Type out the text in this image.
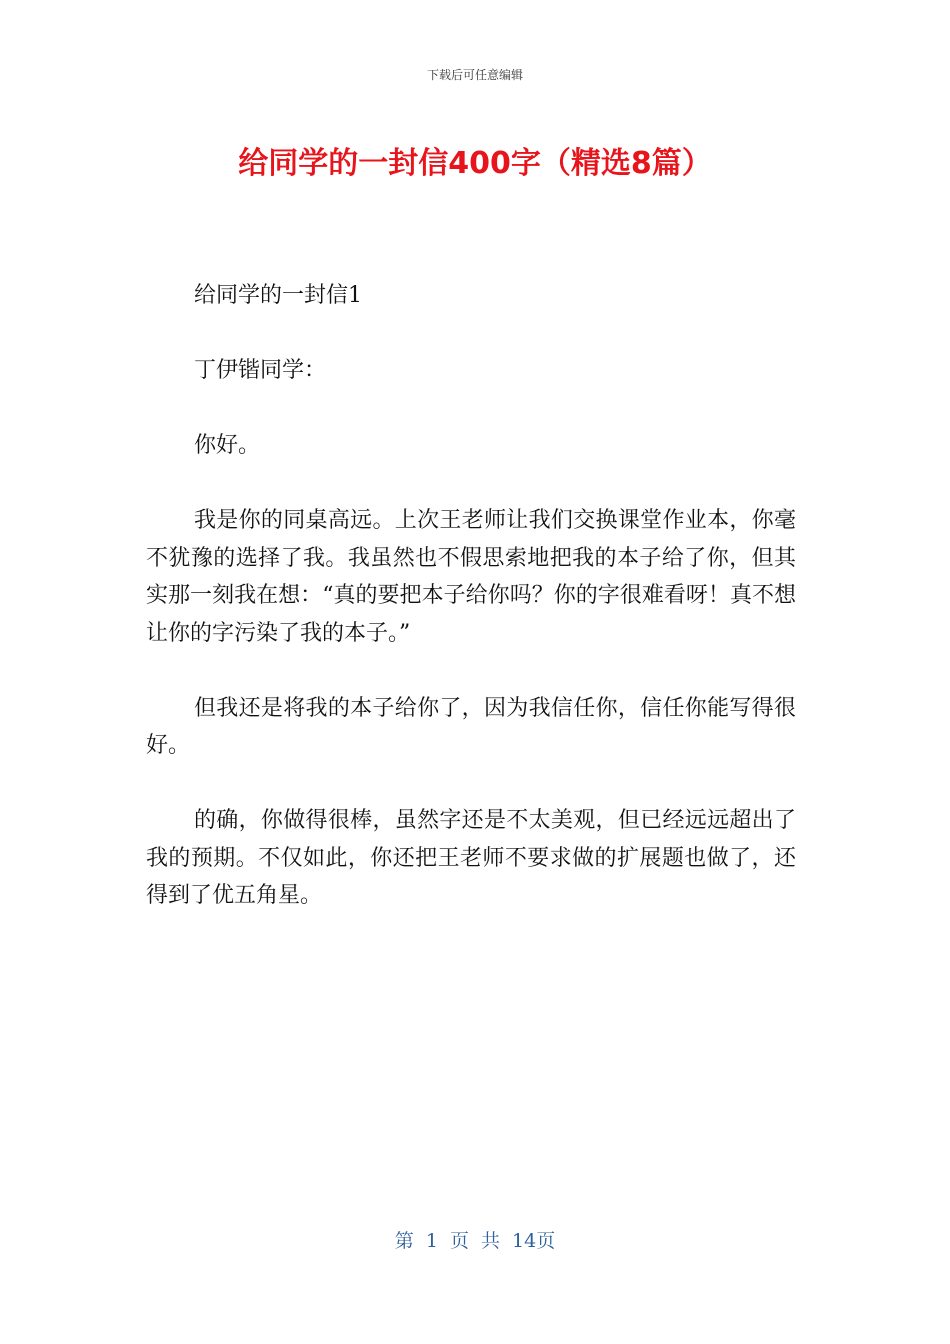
下载后可任意编辑
给同学的一封信400字（精选8篇）

给同学的一封信1

丁伊锴同学：

你好。

我是你的同桌高远。上次王老师让我们交换课堂作业本，你毫不犹豫的选择了我。我虽然也不假思索地把我的本子给了你，但其实那一刻我在想：“真的要把本子给你吗？你的字很难看呀！真不想让你的字污染了我的本子。”

但我还是将我的本子给你了，因为我信任你，信任你能写得很好。

的确，你做得很棒，虽然字还是不太美观，但已经远远超出了我的预期。不仅如此，你还把王老师不要求做的扩展题也做了，还得到了优五角星。

第 1 页 共 14页
